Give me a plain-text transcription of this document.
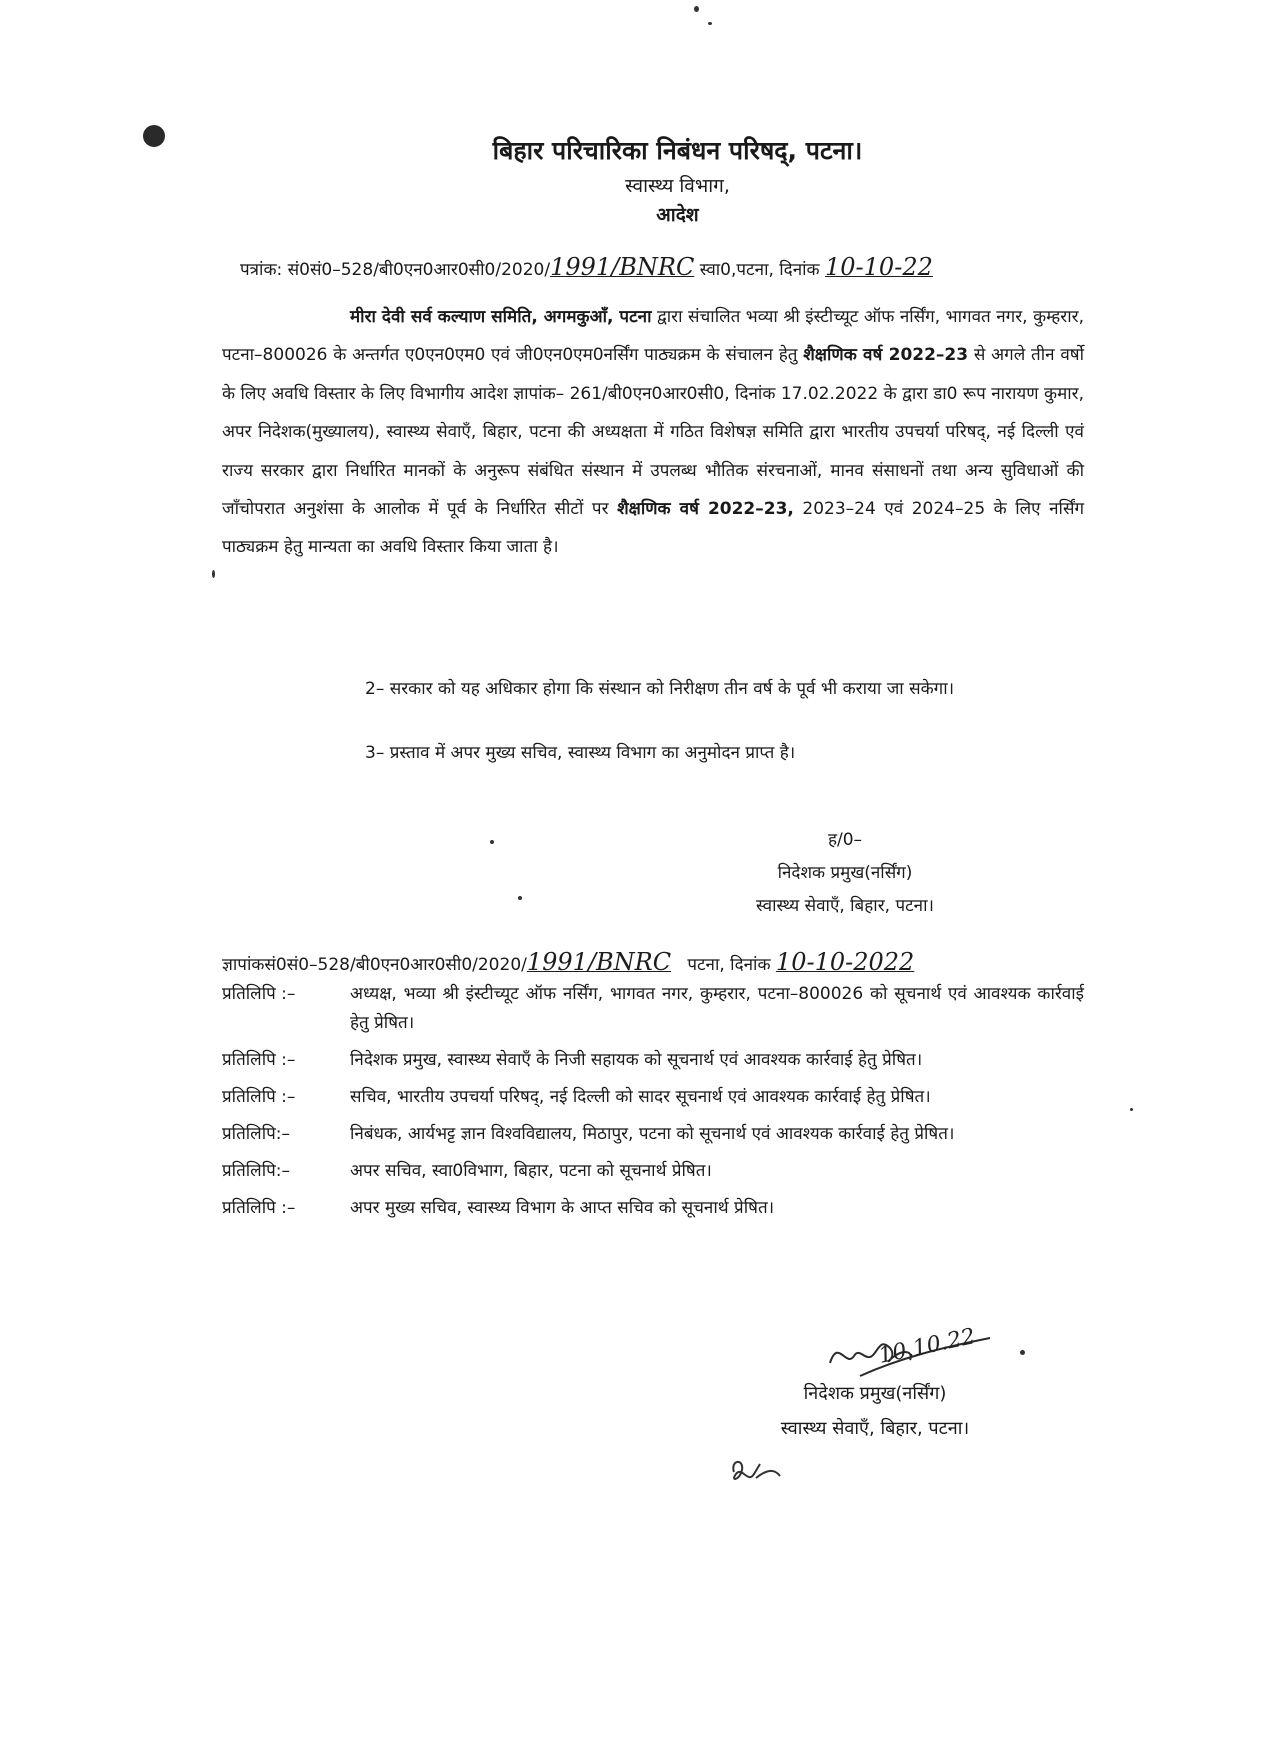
बिहार परिचारिका निबंधन परिषद्, पटना।
स्वास्थ्य विभाग,
आदेश
पत्रांक: सं0सं0–528/बी0एन0आर0सी0/2020/1991/BNRC स्वा0,पटना, दिनांक 10-10-22

मीरा देवी सर्व कल्याण समिति, अगमकुआँ, पटना द्वारा संचालित भव्या श्री इंस्टीच्यूट ऑफ नर्सिंग, भागवत नगर, कुम्हरार, पटना–800026 के अन्तर्गत ए0एन0एम0 एवं जी0एन0एम0नर्सिंग पाठ्यक्रम के संचालन हेतु शैक्षणिक वर्ष 2022–23 से अगले तीन वर्षो के लिए अवधि विस्तार के लिए विभागीय आदेश ज्ञापांक– 261/बी0एन0आर0सी0, दिनांक 17.02.2022 के द्वारा डा0 रूप नारायण कुमार, अपर निदेशक(मुख्यालय), स्वास्थ्य सेवाएँ, बिहार, पटना की अध्यक्षता में गठित विशेषज्ञ समिति द्वारा भारतीय उपचर्या परिषद्, नई दिल्ली एवं राज्य सरकार द्वारा निर्धारित मानकों के अनुरूप संबंधित संस्थान में उपलब्ध भौतिक संरचनाओं, मानव संसाधनों तथा अन्य सुविधाओं की जाँचोपरात अनुशंसा के आलोक में पूर्व के निर्धारित सीटों पर शैक्षणिक वर्ष 2022–23, 2023–24 एवं 2024–25 के लिए नर्सिंग पाठ्यक्रम हेतु मान्यता का अवधि विस्तार किया जाता है।

2– सरकार को यह अधिकार होगा कि संस्थान को निरीक्षण तीन वर्ष के पूर्व भी कराया जा सकेगा।

3– प्रस्ताव में अपर मुख्य सचिव, स्वास्थ्य विभाग का अनुमोदन प्राप्त है।

ह/0–
निदेशक प्रमुख(नर्सिंग)
स्वास्थ्य सेवाएँ, बिहार, पटना।
ज्ञापांकसं0सं0–528/बी0एन0आर0सी0/2020/1991/BNRC पटना, दिनांक 10-10-2022
प्रतिलिपि :–	अध्यक्ष, भव्या श्री इंस्टीच्यूट ऑफ नर्सिंग, भागवत नगर, कुम्हरार, पटना–800026 को सूचनार्थ एवं आवश्यक कार्रवाई हेतु प्रेषित।
प्रतिलिपि :–	निदेशक प्रमुख, स्वास्थ्य सेवाएँ के निजी सहायक को सूचनार्थ एवं आवश्यक कार्रवाई हेतु प्रेषित।
प्रतिलिपि :–	सचिव, भारतीय उपचर्या परिषद्, नई दिल्ली को सादर सूचनार्थ एवं आवश्यक कार्रवाई हेतु प्रेषित।
प्रतिलिपि:–	निबंधक, आर्यभट्ट ज्ञान विश्वविद्यालय, मिठापुर, पटना को सूचनार्थ एवं आवश्यक कार्रवाई हेतु प्रेषित।
प्रतिलिपि:–	अपर सचिव, स्वा0विभाग, बिहार, पटना को सूचनार्थ प्रेषित।
प्रतिलिपि :–	अपर मुख्य सचिव, स्वास्थ्य विभाग के आप्त सचिव को सूचनार्थ प्रेषित।
10.10.22
निदेशक प्रमुख(नर्सिंग)
स्वास्थ्य सेवाएँ, बिहार, पटना।
